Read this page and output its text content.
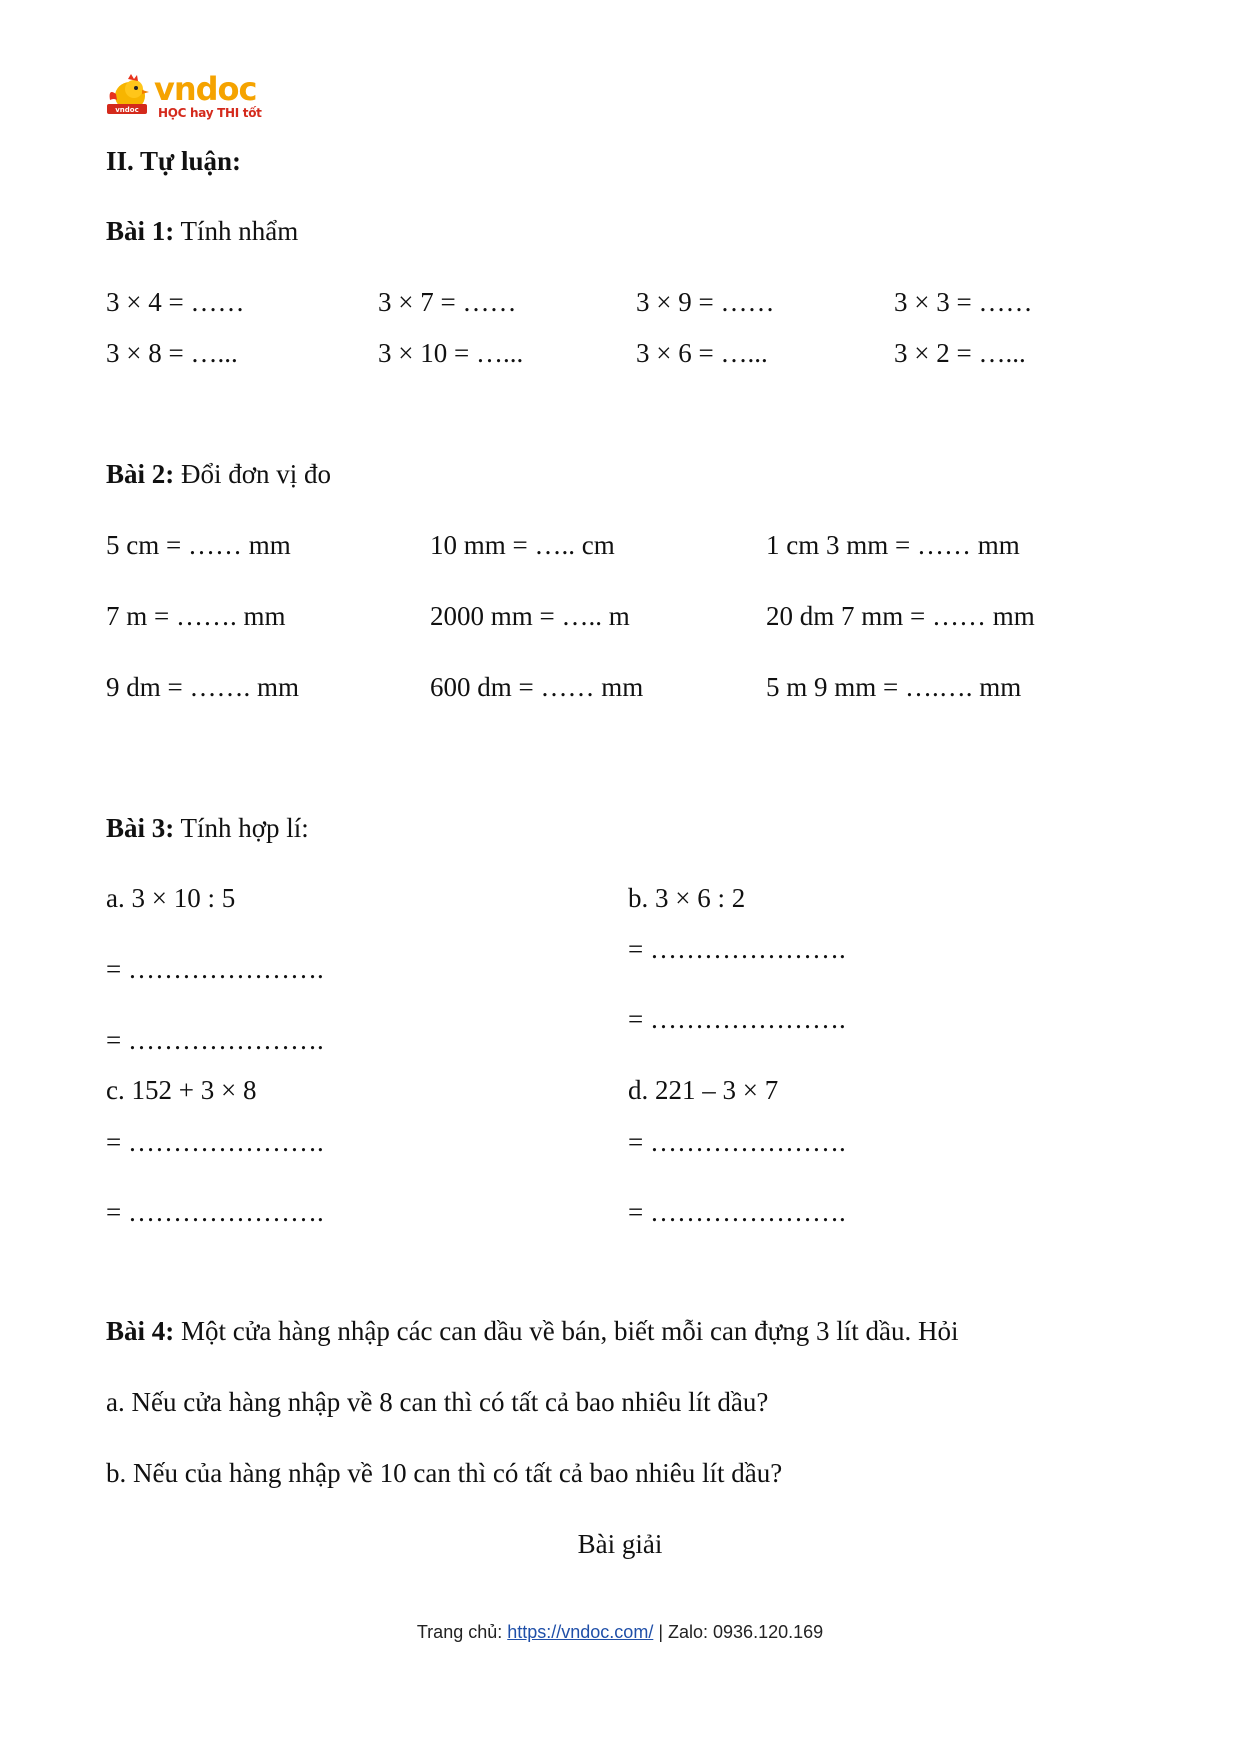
vndoc
vndoc
HỌC hay THI tốt
II. Tự luận:
Bài 1: Tính nhẩm
3 × 4 = ……	3 × 7 = ……	3 × 9 = ……	3 × 3 = ……
3 × 8 = …...	3 × 10 = …...	3 × 6 = …...	3 × 2 = …...
Bài 2: Đổi đơn vị đo
5 cm = …… mm	10 mm = ….. cm	1 cm 3 mm = …… mm
7 m = ……. mm	2000 mm = ….. m	20 dm 7 mm = …… mm
9 dm = ……. mm	600 dm = …… mm	5 m 9 mm = ….…. mm
Bài 3: Tính hợp lí:
a. 3 × 10 : 5
= ………………….
= ………………….
b. 3 × 6 : 2
= ………………….
= ………………….
c. 152 + 3 × 8
= ………………….
= ………………….
d. 221 – 3 × 7
= ………………….
= ………………….
Bài 4: Một cửa hàng nhập các can dầu về bán, biết mỗi can đựng 3 lít dầu. Hỏi
a. Nếu cửa hàng nhập về 8 can thì có tất cả bao nhiêu lít dầu?
b. Nếu của hàng nhập về 10 can thì có tất cả bao nhiêu lít dầu?
Bài giải
Trang chủ: https://vndoc.com/ | Zalo: 0936.120.169
